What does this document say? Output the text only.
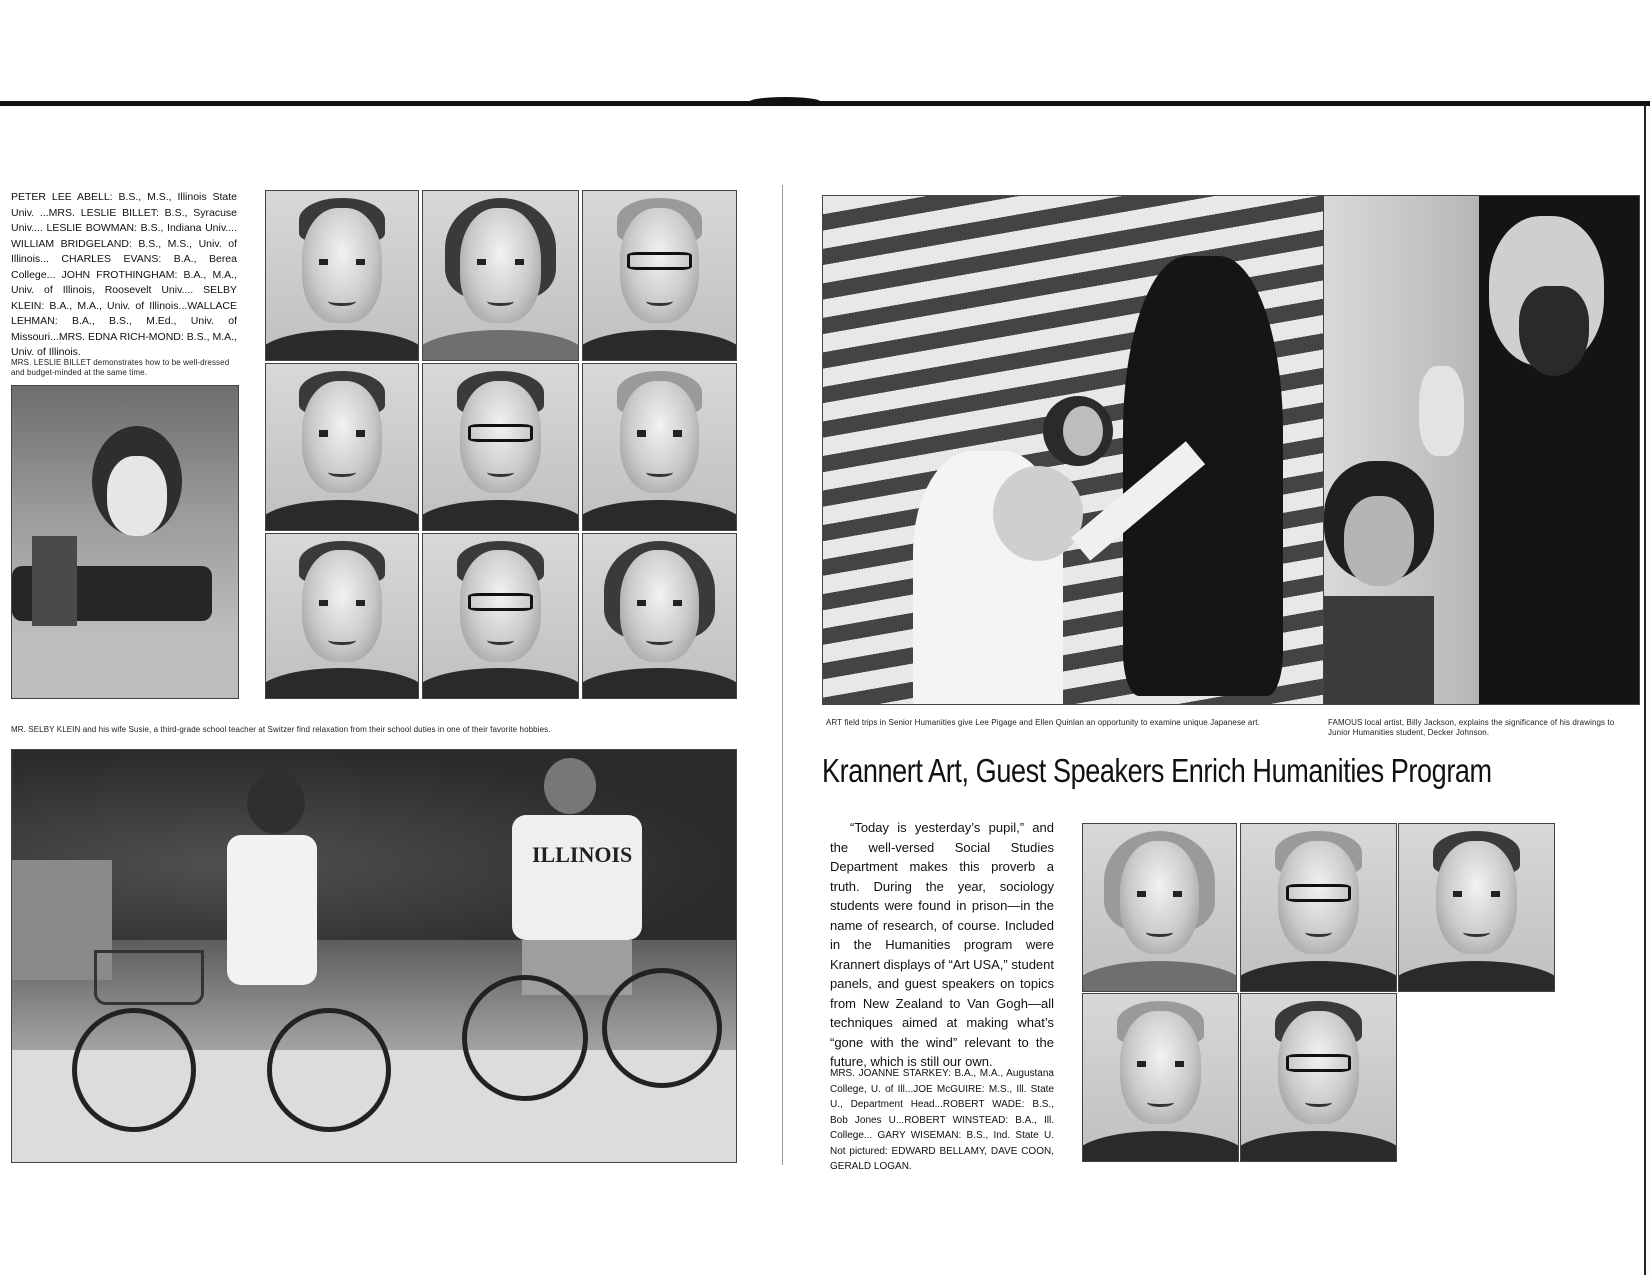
PETER LEE ABELL: B.S., M.S., Illinois State Univ. ...MRS. LESLIE BILLET: B.S., Syracuse Univ.... LESLIE BOWMAN: B.S., Indiana Univ.... WILLIAM BRIDGELAND: B.S., M.S., Univ. of Illinois... CHARLES EVANS: B.A., Berea College... JOHN FROTHINGHAM: B.A., M.A., Univ. of Illinois, Roosevelt Univ.... SELBY KLEIN: B.A., M.A., Univ. of Illinois...WALLACE LEHMAN: B.A., B.S., M.Ed., Univ. of Missouri...MRS. EDNA RICH-MOND: B.S., M.A., Univ. of Illinois.

MRS. LESLIE BILLET demonstrates how to be well-dressed and budget-minded at the same time.

MR. SELBY KLEIN and his wife Susie, a third-grade school teacher at Switzer find relaxation from their school duties in one of their favorite hobbies.

ILLINOIS

ART field trips in Senior Humanities give Lee Pigage and Ellen Quinlan an opportunity to examine unique Japanese art.	FAMOUS local artist, Billy Jackson, explains the significance of his drawings to Junior Humanities student, Decker Johnson.

Krannert Art, Guest Speakers Enrich Humanities Program

“Today is yesterday’s pupil,” and the well-versed Social Studies Department makes this proverb a truth. During the year, sociology students were found in prison—in the name of research, of course. Included in the Humanities program were Krannert displays of “Art USA,” student panels, and guest speakers on topics from New Zealand to Van Gogh—all techniques aimed at making what’s “gone with the wind” relevant to the future, which is still our own.

MRS. JOANNE STARKEY: B.A., M.A., Augustana College, U. of Ill...JOE McGUIRE: M.S., Ill. State U., Department Head...ROBERT WADE: B.S., Bob Jones U...ROBERT WINSTEAD: B.A., Ill. College... GARY WISEMAN: B.S., Ind. State U. Not pictured: EDWARD BELLAMY, DAVE COON, GERALD LOGAN.
